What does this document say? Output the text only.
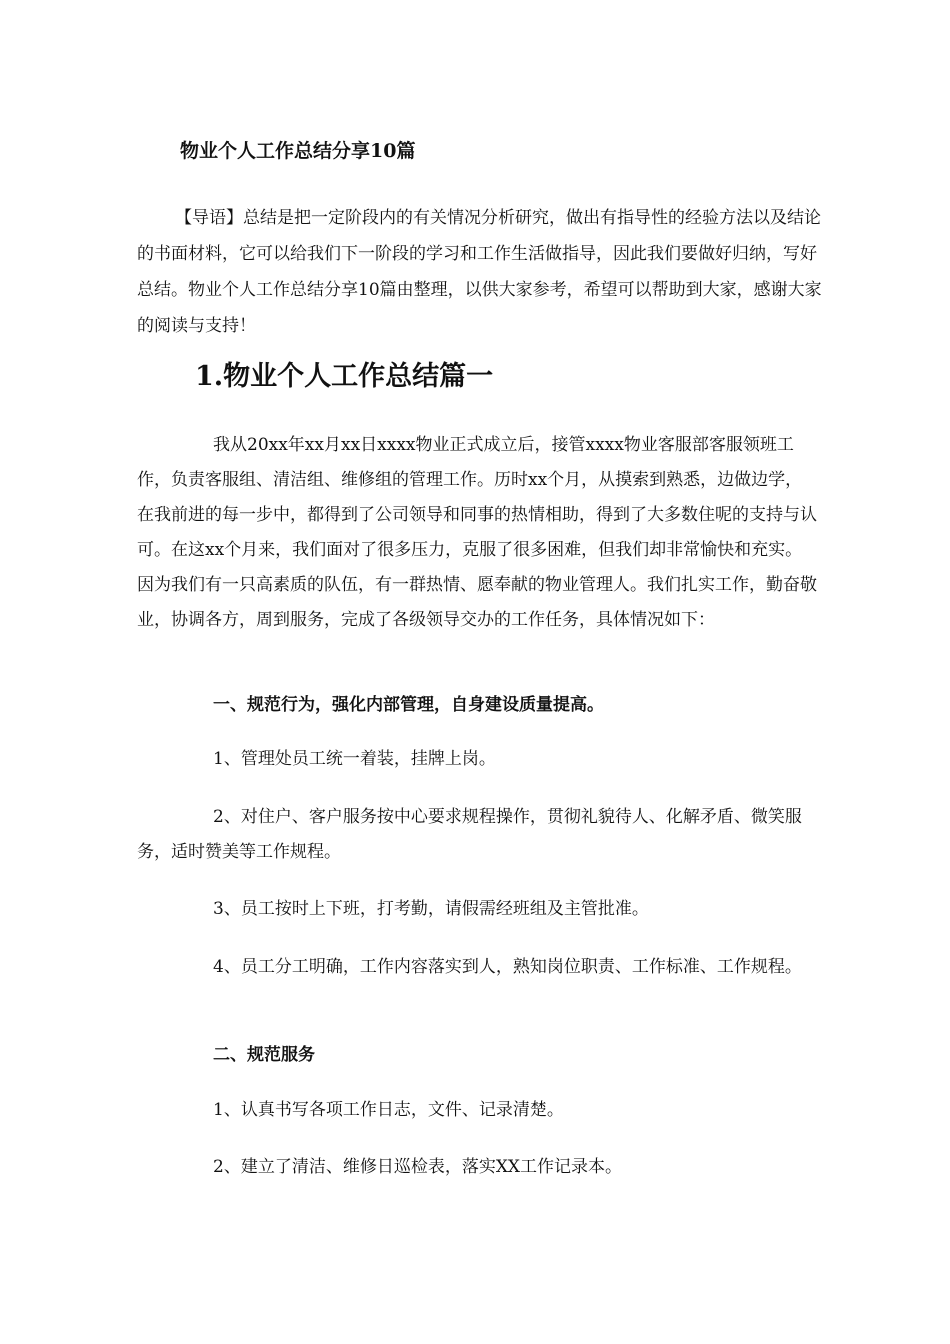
物业个人工作总结分享10篇

【导语】总结是把一定阶段内的有关情况分析研究，做出有指导性的经验方法以及结论的书面材料，它可以给我们下一阶段的学习和工作生活做指导，因此我们要做好归纳，写好总结。物业个人工作总结分享10篇由整理，以供大家参考，希望可以帮助到大家，感谢大家的阅读与支持！

1.物业个人工作总结篇一

我从20xx年xx月xx日xxxx物业正式成立后，接管xxxx物业客服部客服领班工作，负责客服组、清洁组、维修组的管理工作。历时xx个月，从摸索到熟悉，边做边学，在我前进的每一步中，都得到了公司领导和同事的热情相助，得到了大多数住呢的支持与认可。在这xx个月来，我们面对了很多压力，克服了很多困难，但我们却非常愉快和充实。因为我们有一只高素质的队伍，有一群热情、愿奉献的物业管理人。我们扎实工作，勤奋敬业，协调各方，周到服务，完成了各级领导交办的工作任务，具体情况如下：

一、规范行为，强化内部管理，自身建设质量提高。

1、管理处员工统一着装，挂牌上岗。

2、对住户、客户服务按中心要求规程操作，贯彻礼貌待人、化解矛盾、微笑服务，适时赞美等工作规程。

3、员工按时上下班，打考勤，请假需经班组及主管批准。

4、员工分工明确，工作内容落实到人，熟知岗位职责、工作标准、工作规程。

二、规范服务

1、认真书写各项工作日志，文件、记录清楚。

2、建立了清洁、维修日巡检表，落实XX工作记录本。
